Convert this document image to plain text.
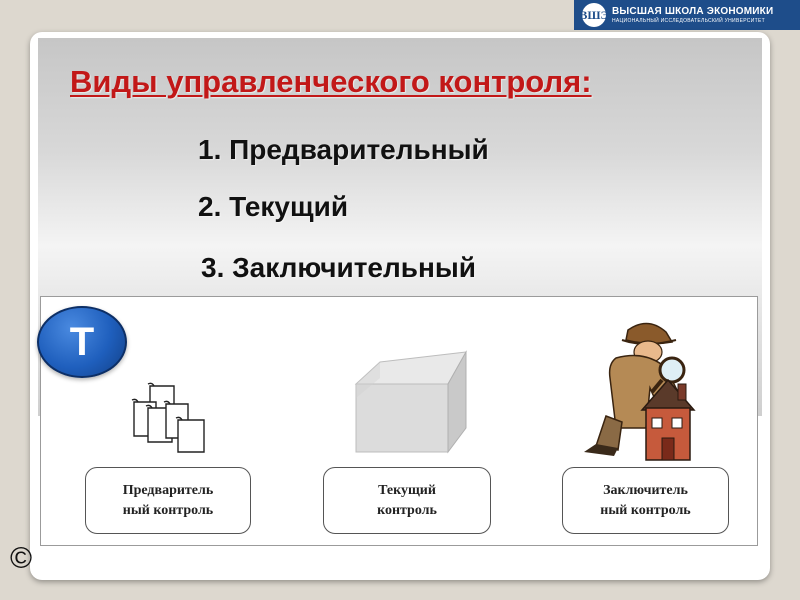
ВШЭ ВЫСШАЯ ШКОЛА ЭКОНОМИКИ
НАЦИОНАЛЬНЫЙ ИССЛЕДОВАТЕЛЬСКИЙ УНИВЕРСИТЕТ
Виды управленческого контроля:
1. Предварительный
2. Текущий
3. Заключительный
T
Предваритель
ный контроль
Текущий
контроль
Заключитель
ный контроль
©
